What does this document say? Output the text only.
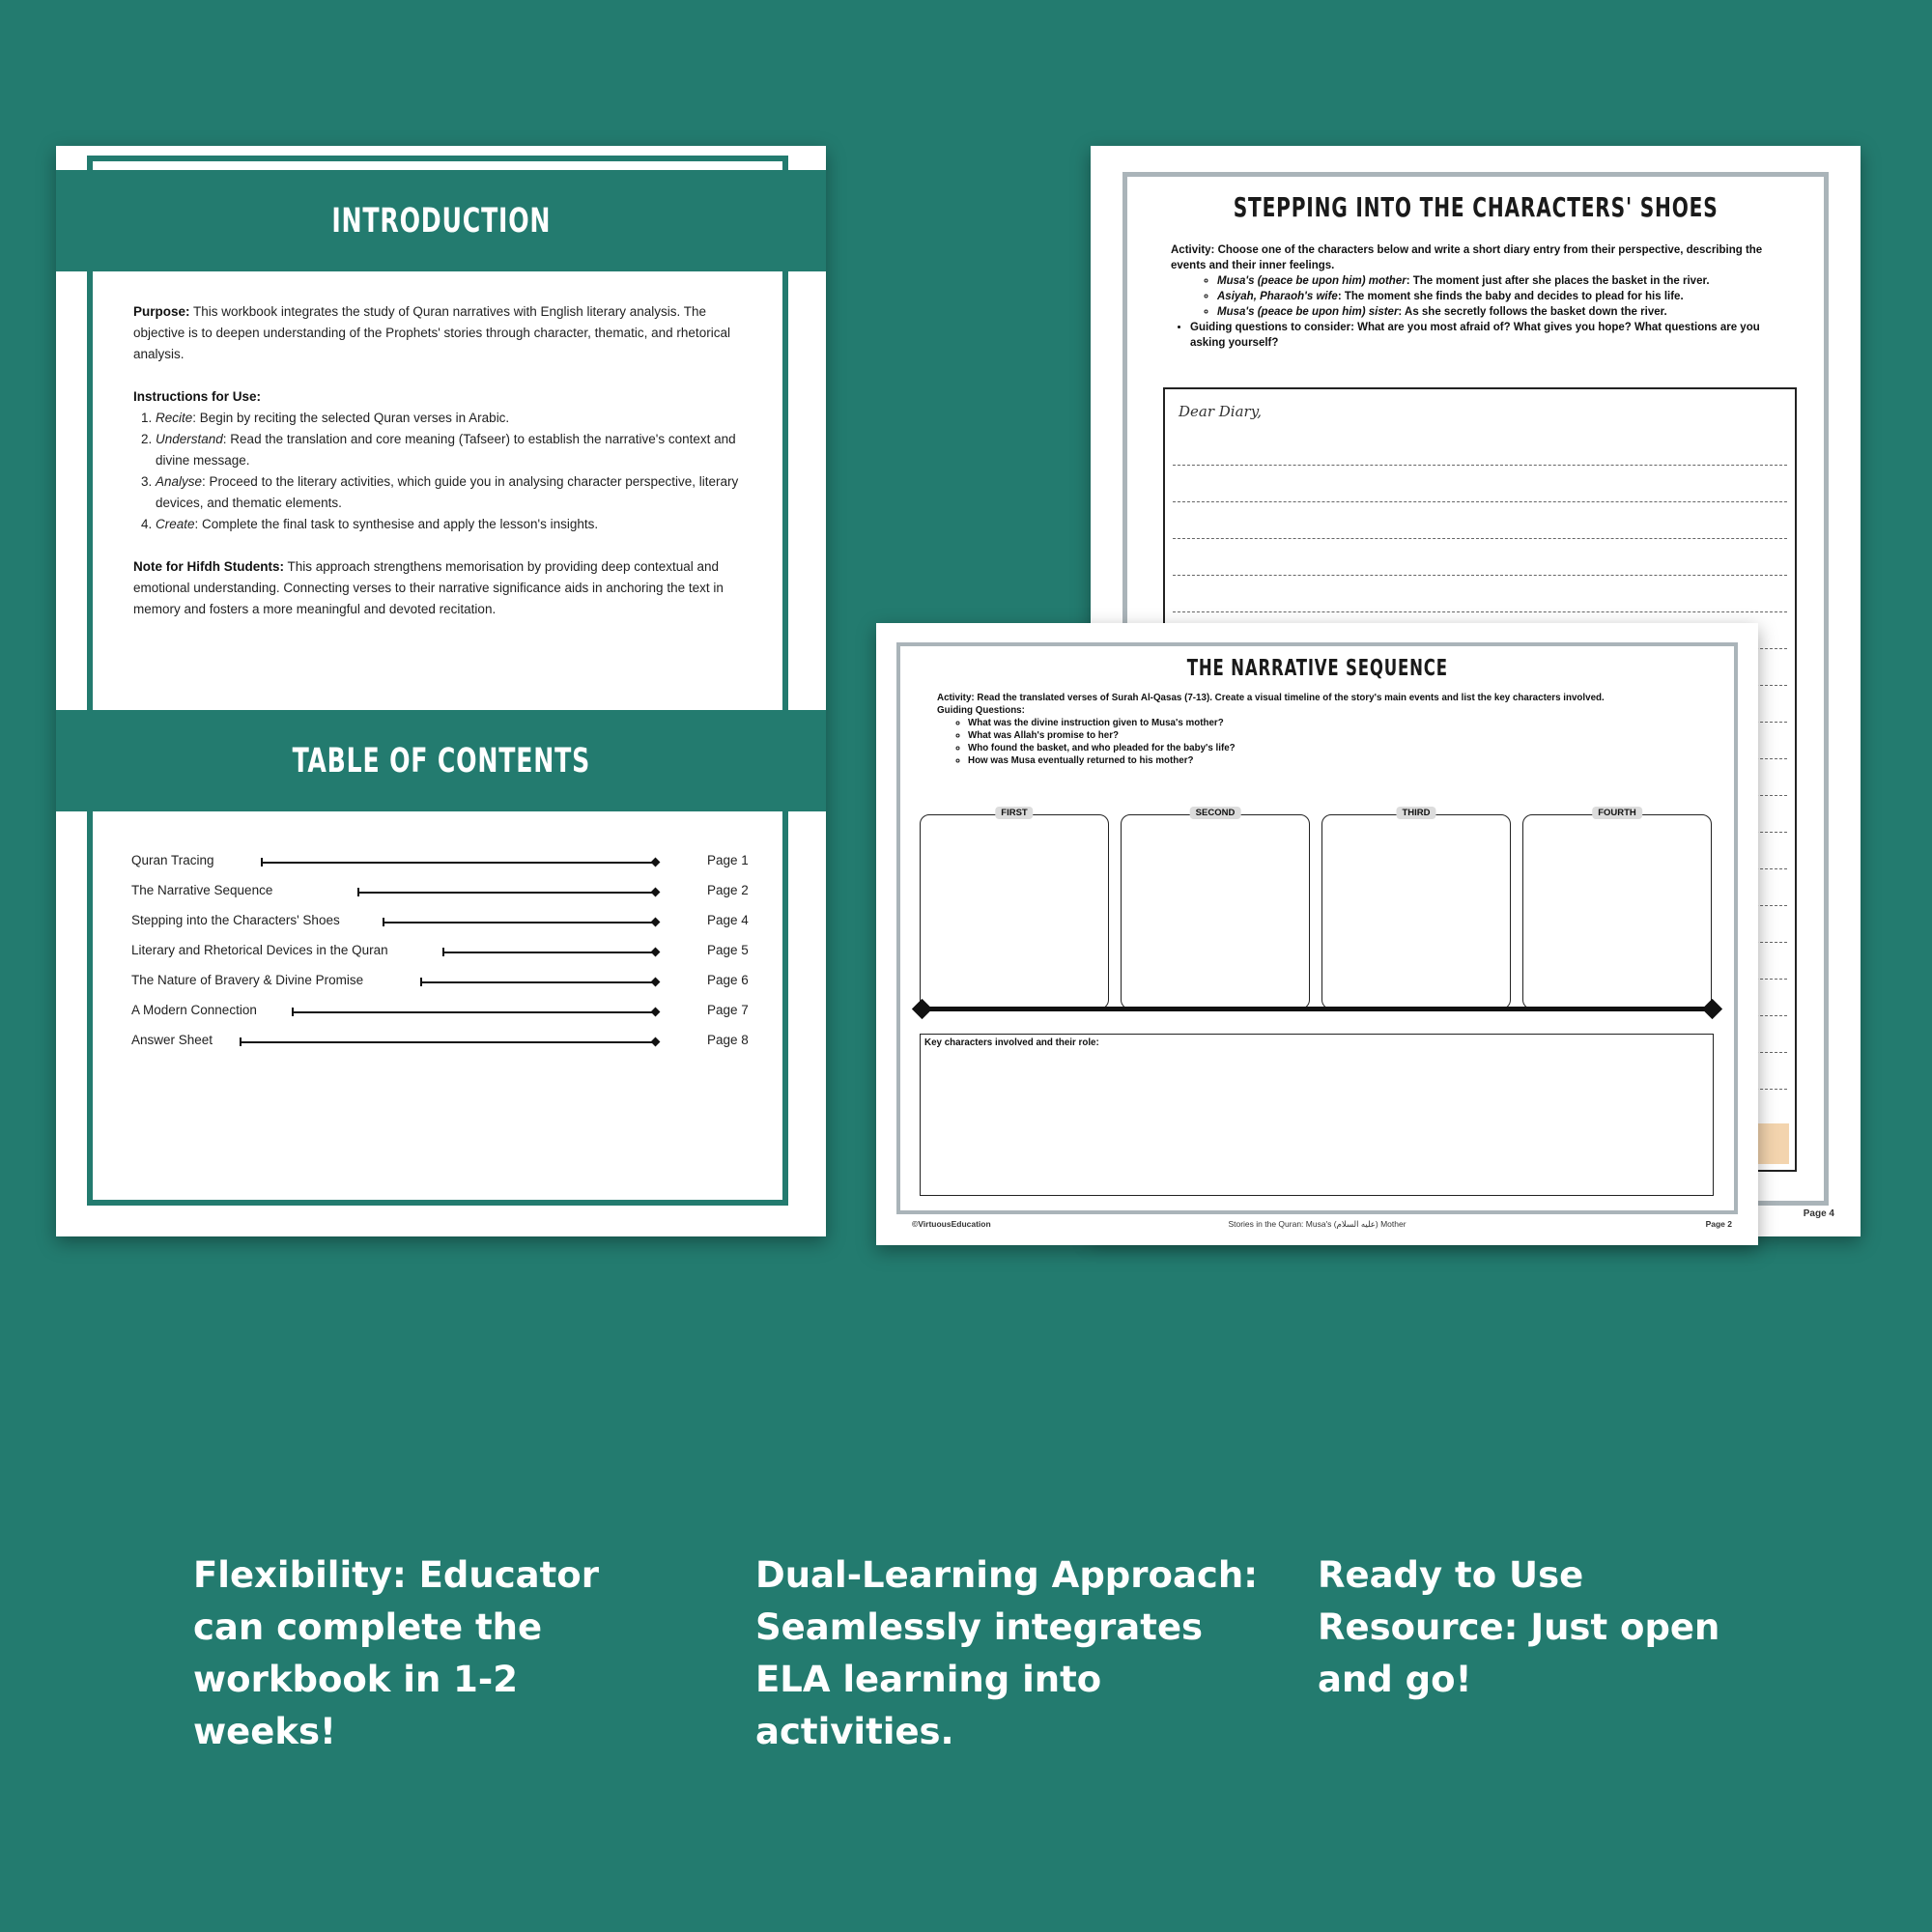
INTRODUCTION

Purpose: This workbook integrates the study of Quran narratives with English literary analysis. The objective is to deepen understanding of the Prophets' stories through character, thematic, and rhetorical analysis.

Instructions for Use:

1. Recite: Begin by reciting the selected Quran verses in Arabic.
2. Understand: Read the translation and core meaning (Tafseer) to establish the narrative's context and divine message.
3. Analyse: Proceed to the literary activities, which guide you in analysing character perspective, literary devices, and thematic elements.
4. Create: Complete the final task to synthesise and apply the lesson's insights.

Note for Hifdh Students: This approach strengthens memorisation by providing deep contextual and emotional understanding. Connecting verses to their narrative significance aids in anchoring the text in memory and fosters a more meaningful and devoted recitation.

TABLE OF CONTENTS
Quran Tracing	Page 1
The Narrative Sequence	Page 2
Stepping into the Characters' Shoes	Page 4
Literary and Rhetorical Devices in the Quran	Page 5
The Nature of Bravery & Divine Promise	Page 6
A Modern Connection	Page 7
Answer Sheet	Page 8
STEPPING INTO THE CHARACTERS' SHOES

Activity: Choose one of the characters below and write a short diary entry from their perspective, describing the events and their inner feelings.

◦ Musa's (peace be upon him) mother: The moment just after she places the basket in the river.
◦ Asiyah, Pharaoh's wife: The moment she finds the baby and decides to plead for his life.
◦ Musa's (peace be upon him) sister: As she secretly follows the basket down the river.
• Guiding questions to consider: What are you most afraid of? What gives you hope? What questions are you asking yourself?
Dear Diary,
Page 4
THE NARRATIVE SEQUENCE

Activity: Read the translated verses of Surah Al-Qasas (7-13). Create a visual timeline of the story's main events and list the key characters involved.

Guiding Questions:

◦ What was the divine instruction given to Musa's mother?
◦ What was Allah's promise to her?
◦ Who found the basket, and who pleaded for the baby's life?
◦ How was Musa eventually returned to his mother?
FIRST	SECOND	THIRD	FOURTH
Key characters involved and their role:
©VirtuousEducation	Stories in the Quran: Musa's (عليه السلام) Mother	Page 2
Flexibility: Educator can complete the workbook in 1-2 weeks!
Dual-Learning Approach: Seamlessly integrates ELA learning into activities.
Ready to Use Resource: Just open and go!
